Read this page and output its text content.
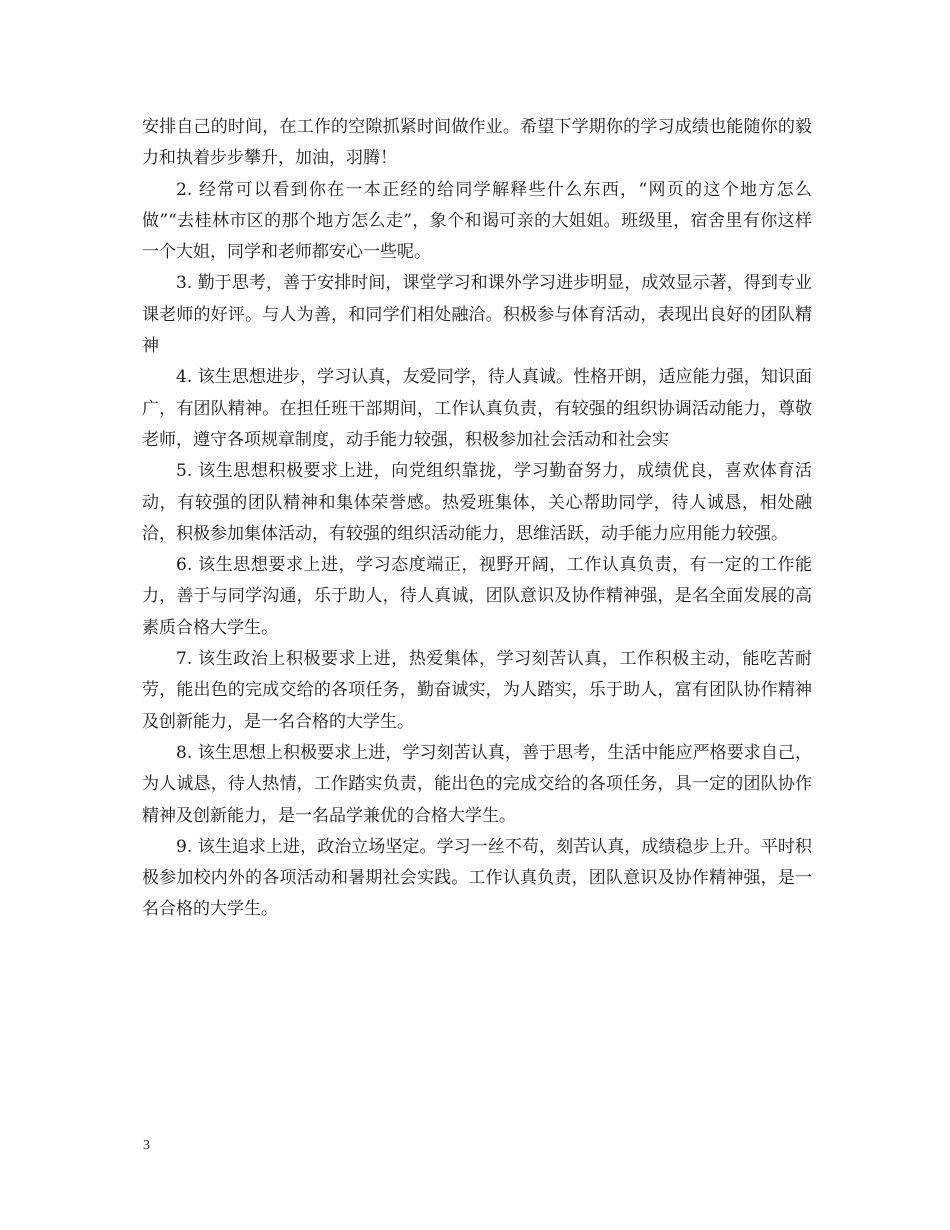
安排自己的时间，在工作的空隙抓紧时间做作业。希望下学期你的学习成绩也能随你的毅力和执着步步攀升，加油，羽腾！

2. 经常可以看到你在一本正经的给同学解释些什么东西，“网页的这个地方怎么做”“去桂林市区的那个地方怎么走”，象个和谒可亲的大姐姐。班级里，宿舍里有你这样一个大姐，同学和老师都安心一些呢。

3. 勤于思考，善于安排时间，课堂学习和课外学习进步明显，成效显示著，得到专业课老师的好评。与人为善，和同学们相处融洽。积极参与体育活动，表现出良好的团队精神

4. 该生思想进步，学习认真，友爱同学，待人真诚。性格开朗，适应能力强，知识面广，有团队精神。在担任班干部期间，工作认真负责，有较强的组织协调活动能力，尊敬老师，遵守各项规章制度，动手能力较强，积极参加社会活动和社会实

5. 该生思想积极要求上进，向党组织靠拢，学习勤奋努力，成绩优良，喜欢体育活动，有较强的团队精神和集体荣誉感。热爱班集体，关心帮助同学，待人诚恳，相处融洽，积极参加集体活动，有较强的组织活动能力，思维活跃，动手能力应用能力较强。

6. 该生思想要求上进，学习态度端正，视野开阔，工作认真负责，有一定的工作能力，善于与同学沟通，乐于助人，待人真诚，团队意识及协作精神强，是名全面发展的高素质合格大学生。

7. 该生政治上积极要求上进，热爱集体，学习刻苦认真，工作积极主动，能吃苦耐劳，能出色的完成交给的各项任务，勤奋诚实，为人踏实，乐于助人，富有团队协作精神及创新能力，是一名合格的大学生。

8. 该生思想上积极要求上进，学习刻苦认真，善于思考，生活中能应严格要求自己，为人诚恳，待人热情，工作踏实负责，能出色的完成交给的各项任务，具一定的团队协作精神及创新能力，是一名品学兼优的合格大学生。

9. 该生追求上进，政治立场坚定。学习一丝不苟，刻苦认真，成绩稳步上升。平时积极参加校内外的各项活动和暑期社会实践。工作认真负责，团队意识及协作精神强，是一名合格的大学生。

3
